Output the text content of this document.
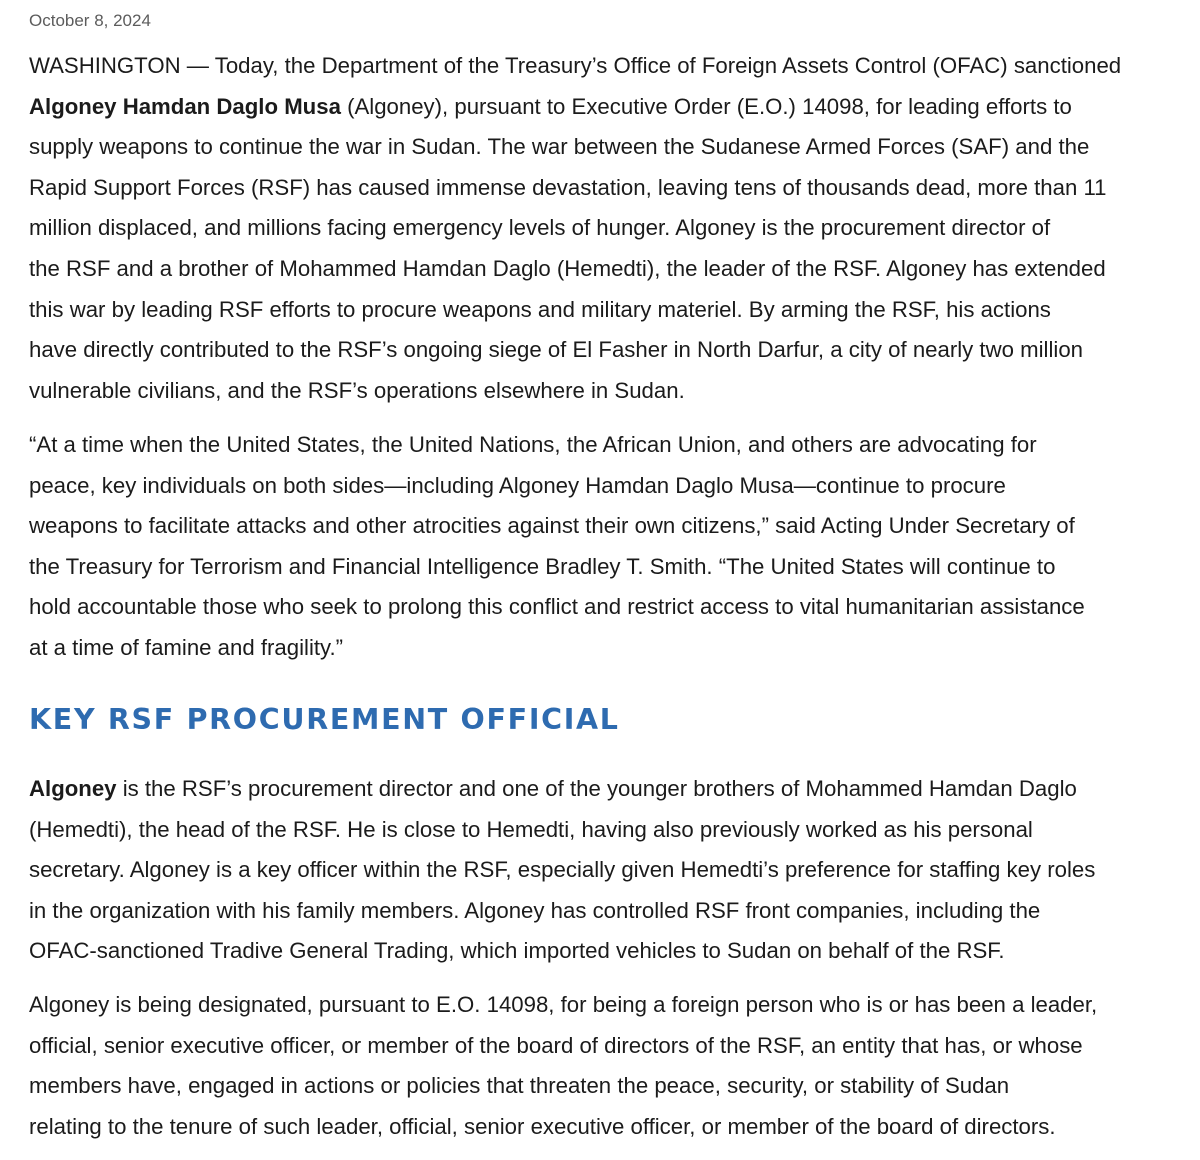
October 8, 2024

WASHINGTON — Today, the Department of the Treasury’s Office of Foreign Assets Control (OFAC) sanctioned
Algoney Hamdan Daglo Musa (Algoney), pursuant to Executive Order (E.O.) 14098, for leading efforts to
supply weapons to continue the war in Sudan. The war between the Sudanese Armed Forces (SAF) and the
Rapid Support Forces (RSF) has caused immense devastation, leaving tens of thousands dead, more than 11
million displaced, and millions facing emergency levels of hunger. Algoney is the procurement director of
the RSF and a brother of Mohammed Hamdan Daglo (Hemedti), the leader of the RSF. Algoney has extended
this war by leading RSF efforts to procure weapons and military materiel. By arming the RSF, his actions
have directly contributed to the RSF’s ongoing siege of El Fasher in North Darfur, a city of nearly two million
vulnerable civilians, and the RSF’s operations elsewhere in Sudan.

“At a time when the United States, the United Nations, the African Union, and others are advocating for
peace, key individuals on both sides—including Algoney Hamdan Daglo Musa—continue to procure
weapons to facilitate attacks and other atrocities against their own citizens,” said Acting Under Secretary of
the Treasury for Terrorism and Financial Intelligence Bradley T. Smith. “The United States will continue to
hold accountable those who seek to prolong this conflict and restrict access to vital humanitarian assistance
at a time of famine and fragility.”

KEY RSF PROCUREMENT OFFICIAL

Algoney is the RSF’s procurement director and one of the younger brothers of Mohammed Hamdan Daglo
(Hemedti), the head of the RSF. He is close to Hemedti, having also previously worked as his personal
secretary. Algoney is a key officer within the RSF, especially given Hemedti’s preference for staffing key roles
in the organization with his family members. Algoney has controlled RSF front companies, including the
OFAC-sanctioned Tradive General Trading, which imported vehicles to Sudan on behalf of the RSF.

Algoney is being designated, pursuant to E.O. 14098, for being a foreign person who is or has been a leader,
official, senior executive officer, or member of the board of directors of the RSF, an entity that has, or whose
members have, engaged in actions or policies that threaten the peace, security, or stability of Sudan
relating to the tenure of such leader, official, senior executive officer, or member of the board of directors.
